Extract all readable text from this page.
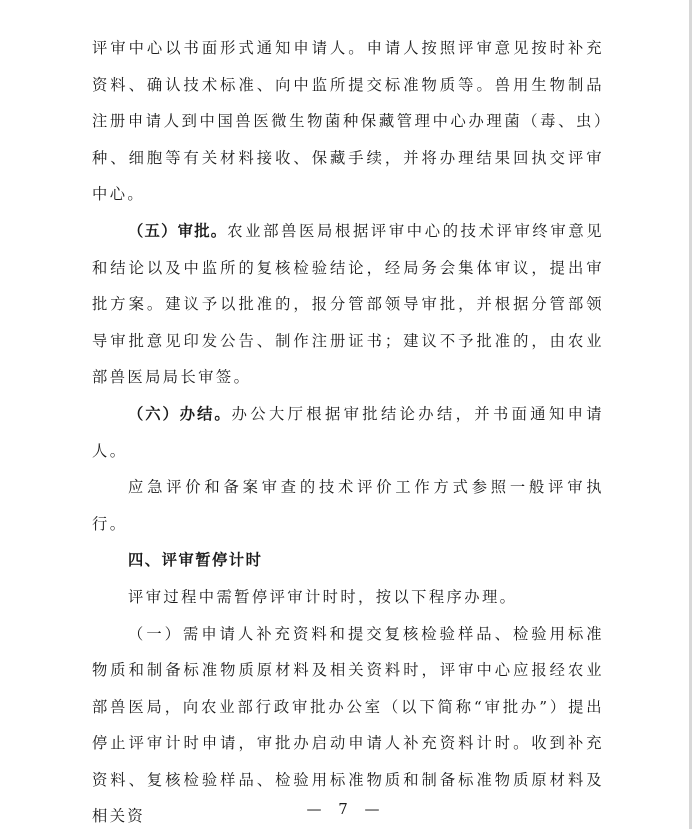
评审中心以书面形式通知申请人。申请人按照评审意见按时补充资料、确认技术标准、向中监所提交标准物质等。兽用生物制品注册申请人到中国兽医微生物菌种保藏管理中心办理菌（毒、虫）种、细胞等有关材料接收、保藏手续，并将办理结果回执交评审中心。

（五）审批。农业部兽医局根据评审中心的技术评审终审意见和结论以及中监所的复核检验结论，经局务会集体审议，提出审批方案。建议予以批准的，报分管部领导审批，并根据分管部领导审批意见印发公告、制作注册证书；建议不予批准的，由农业部兽医局局长审签。

（六）办结。办公大厅根据审批结论办结，并书面通知申请人。

应急评价和备案审查的技术评价工作方式参照一般评审执行。

四、评审暂停计时

评审过程中需暂停评审计时时，按以下程序办理。

（一）需申请人补充资料和提交复核检验样品、检验用标准物质和制备标准物质原材料及相关资料时，评审中心应报经农业部兽医局，向农业部行政审批办公室（以下简称“审批办”）提出停止评审计时申请，审批办启动申请人补充资料计时。收到补充资料、复核检验样品、检验用标准物质和制备标准物质原材料及相关资	— 7 —
